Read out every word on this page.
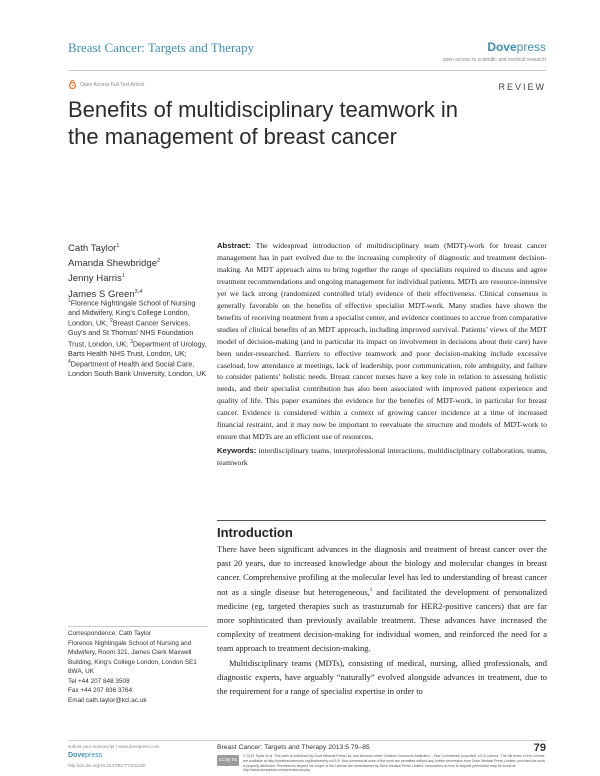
Breast Cancer: Targets and Therapy	Dovepress
open access to scientific and medical research
Open Access Full Text Article	REVIEW
Benefits of multidisciplinary teamwork in the management of breast cancer
Cath Taylor$^1$
Amanda Shewbridge$^2$
Jenny Harris$^1$
James S Green$^{3,4}$
$^1$Florence Nightingale School of Nursing and Midwifery, King’s College London, London, UK; $^2$Breast Cancer Services, Guy’s and St Thomas’ NHS Foundation Trust, London, UK; $^3$Department of Urology, Barts Health NHS Trust, London, UK; $^4$Department of Health and Social Care, London South Bank University, London, UK
Abstract: The widespread introduction of multidisciplinary team (MDT)-work for breast cancer management has in part evolved due to the increasing complexity of diagnostic and treatment decision-making. An MDT approach aims to bring together the range of specialists required to discuss and agree treatment recommendations and ongoing management for individual patients. MDTs are resource-intensive yet we lack strong (randomized controlled trial) evidence of their effectiveness. Clinical consensus is generally favorable on the benefits of effective specialist MDT-work. Many studies have shown the benefits of receiving treatment from a specialist center, and evidence continues to accrue from comparative studies of clinical benefits of an MDT approach, including improved survival. Patients’ views of the MDT model of decision-making (and in particular its impact on involvement in decisions about their care) have been under-researched. Barriers to effective teamwork and poor decision-making include excessive caseload, low attendance at meetings, lack of leadership, poor communication, role ambiguity, and failure to consider patients’ holistic needs. Breast cancer nurses have a key role in relation to assessing holistic needs, and their specialist contribution has also been associated with improved patient experience and quality of life. This paper examines the evidence for the benefits of MDT-work, in particular for breast cancer. Evidence is considered within a context of growing cancer incidence at a time of increased financial restraint, and it may now be important to reevaluate the structure and models of MDT-work to ensure that MDTs are an efficient use of resources.
Keywords: interdisciplinary teams, interprofessional interactions, multidisciplinary collaboration, teams, teamwork
Introduction

There have been significant advances in the diagnosis and treatment of breast cancer over the past 20 years, due to increased knowledge about the biology and molecular changes in breast cancer. Comprehensive profiling at the molecular level has led to understanding of breast cancer not as a single disease but heterogeneous,$^1$ and facilitated the development of personalized medicine (eg, targeted therapies such as trastuzumab for HER2-positive cancers) that are far more sophisticated than previously available treatment. These advances have increased the complexity of treatment decision-making for individual women, and reinforced the need for a team approach to treatment decision-making.

Multidisciplinary teams (MDTs), consisting of medical, nursing, allied professionals, and diagnostic experts, have arguably “naturally” evolved alongside advances in treatment, due to the requirement for a range of specialist expertise in order to

Correspondence: Cath Taylor
Florence Nightingale School of Nursing and Midwifery, Room 321, James Clerk Maxwell Building, King’s College London, London SE1 8WA, UK
Tel +44 207 848 3508
Fax +44 207 836 3764
Email cath.taylor@kcl.ac.uk
submit your manuscript | www.dovepress.com
Dovepress
http://dx.doi.org/10.2147/BCTT.S31150
Breast Cancer: Targets and Therapy 2013:5 79–85	79
cc by nc
© 2013 Taylor et al. This work is published by Dove Medical Press Ltd, and licensed under Creative Commons Attribution – Non Commercial (unported, v3.0) License. The full terms of the License are available at http://creativecommons.org/licenses/by-nc/3.0/. Non-commercial uses of the work are permitted without any further permission from Dove Medical Press Limited, provided the work is properly attributed. Permissions beyond the scope of the License are administered by Dove Medical Press Limited. Information on how to request permission may be found at: http://www.dovepress.com/permissions.php
